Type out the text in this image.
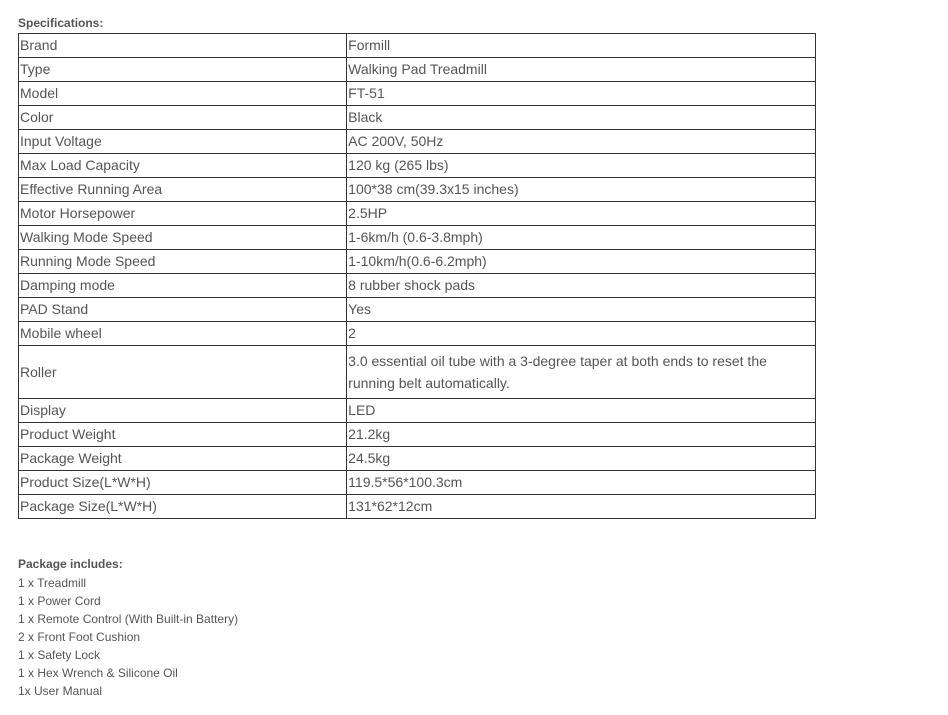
Specifications:
Brand	Formill
Type	Walking Pad Treadmill
Model	FT-51
Color	Black
Input Voltage	AC 200V, 50Hz
Max Load Capacity	120 kg (265 lbs)
Effective Running Area	100*38 cm(39.3x15 inches)
Motor Horsepower	2.5HP
Walking Mode Speed	1-6km/h (0.6-3.8mph)
Running Mode Speed	1-10km/h(0.6-6.2mph)
Damping mode	8 rubber shock pads
PAD Stand	Yes
Mobile wheel	2
Roller	3.0 essential oil tube with a 3-degree taper at both ends to reset the running belt automatically.
Display	LED
Product Weight	21.2kg
Package Weight	24.5kg
Product Size(L*W*H)	119.5*56*100.3cm
Package Size(L*W*H)	131*62*12cm
Package includes:
1 x Treadmill
1 x Power Cord
1 x Remote Control (With Built-in Battery)
2 x Front Foot Cushion
1 x Safety Lock
1 x Hex Wrench & Silicone Oil
1x User Manual
